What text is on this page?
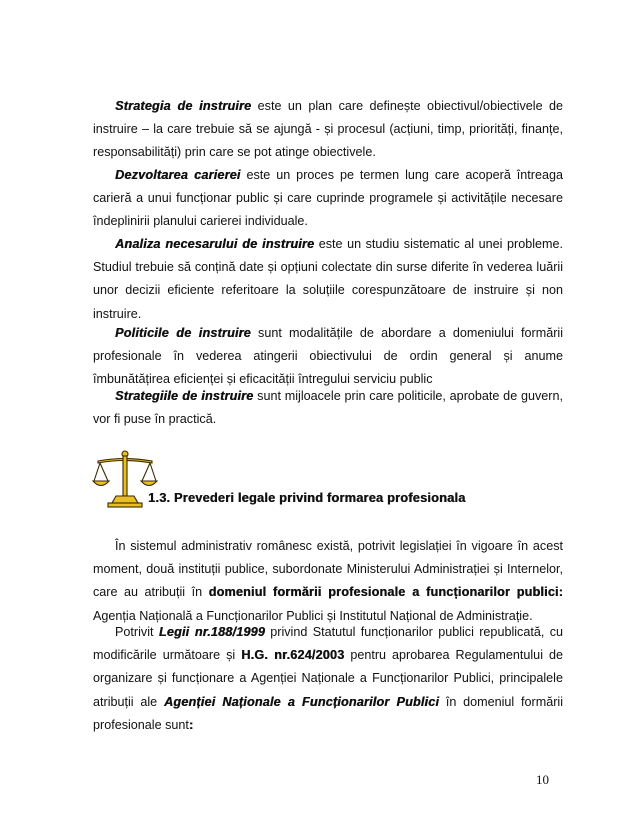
Strategia de instruire este un plan care definește obiectivul/obiectivele de instruire – la care trebuie să se ajungă - și procesul (acțiuni, timp, priorități, finanțe, responsabilități) prin care se pot atinge obiectivele.

Dezvoltarea carierei este un proces pe termen lung care acoperă întreaga carieră a unui funcționar public și care cuprinde programele și activitățile necesare îndeplinirii planului carierei individuale.

Analiza necesarului de instruire este un studiu sistematic al unei probleme. Studiul trebuie să conțină date și opțiuni colectate din surse diferite în vederea luării unor decizii eficiente referitoare la soluțiile corespunzătoare de instruire și non instruire.

Politicile de instruire sunt modalitățile de abordare a domeniului formării profesionale în vederea atingerii obiectivului de ordin general și anume îmbunătățirea eficienței și eficacității întregului serviciu public

Strategiile de instruire sunt mijloacele prin care politicile, aprobate de guvern, vor fi puse în practică.

1.3. Prevederi legale privind formarea profesionala

În sistemul administrativ românesc există, potrivit legislației în vigoare în acest moment, două instituții publice, subordonate Ministerului Administrației și Internelor, care au atribuții în domeniul formării profesionale a funcționarilor publici: Agenția Națională a Funcționarilor Publici și Institutul Național de Administrație.

Potrivit Legii nr.188/1999 privind Statutul funcționarilor publici republicată, cu modificările următoare și H.G. nr.624/2003 pentru aprobarea Regulamentului de organizare și funcționare a Agenției Naționale a Funcționarilor Publici, principalele atribuții ale Agenției Naționale a Funcționarilor Publici în domeniul formării profesionale sunt:

10
